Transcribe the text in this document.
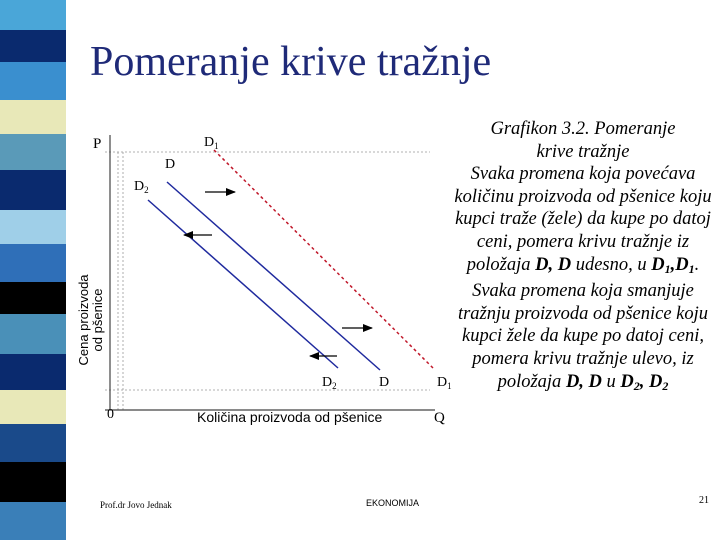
Pomeranje krive tražnje
P
Q
0
Cena proizvoda od pšenice
Količina proizvoda od pšenice
D
$D_1$
$D_2$
$D_2$	D	$D_1$

Grafikon 3.2. Pomeranje

krive tražnje

Svaka promena koja povećava količinu proizvoda od pšenice koju kupci traže (žele) da kupe po datoj ceni, pomera krivu tražnje iz položaja D, D udesno, u $D_1,D_1$.

Svaka promena koja smanjuje tražnju proizvoda od pšenice koju kupci žele da kupe po datoj ceni, pomera krivu tražnje ulevo, iz položaja D, D u $D_2$, $D_2$

Prof.dr Jovo Jednak	EKONOMIJA	21
